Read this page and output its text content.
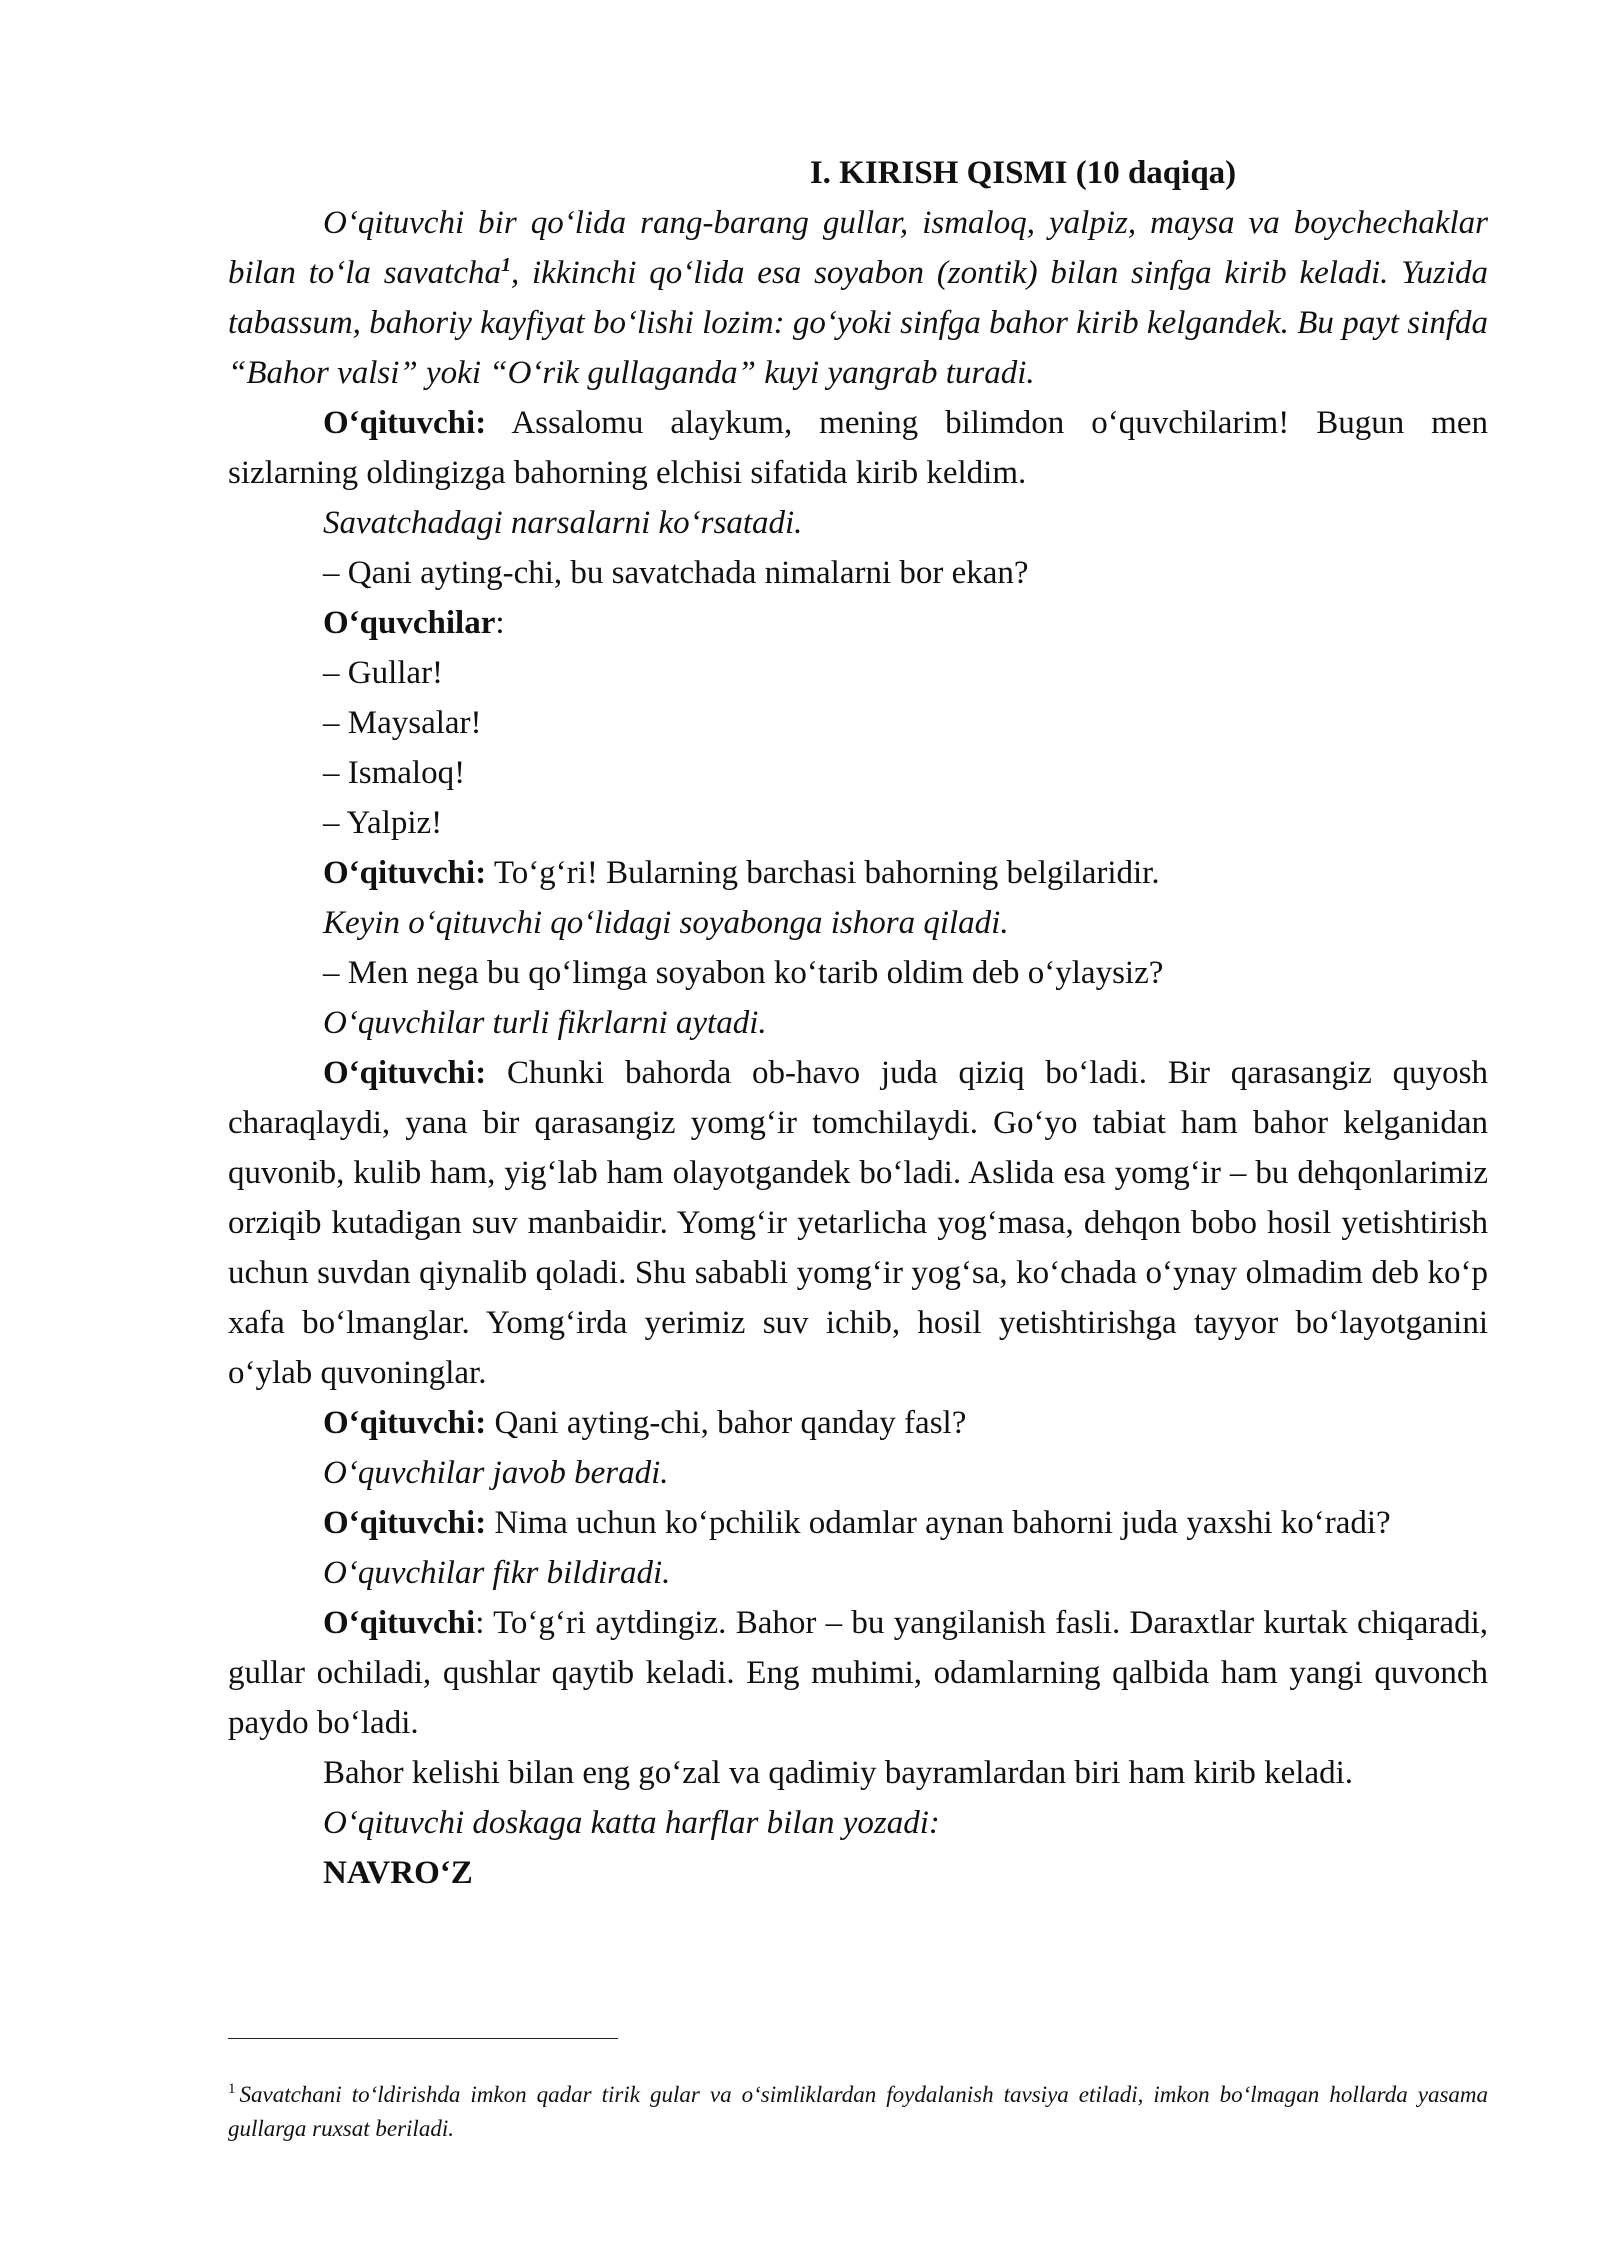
I. KIRISH QISMI (10 daqiqa)

O‘qituvchi bir qo‘lida rang-barang gullar, ismaloq, yalpiz, maysa va boychechaklar bilan to‘la savatcha$^1$, ikkinchi qo‘lida esa soyabon (zontik) bilan sinfga kirib keladi. Yuzida tabassum, bahoriy kayfiyat bo‘lishi lozim: go‘yoki sinfga bahor kirib kelgandek. Bu payt sinfda “Bahor valsi” yoki “O‘rik gullaganda” kuyi yangrab turadi.

O‘qituvchi: Assalomu alaykum, mening bilimdon o‘quvchilarim! Bugun men sizlarning oldingizga bahorning elchisi sifatida kirib keldim.

Savatchadagi narsalarni ko‘rsatadi.

– Qani ayting-chi, bu savatchada nimalarni bor ekan?

O‘quvchilar:

– Gullar!

– Maysalar!

– Ismaloq!

– Yalpiz!

O‘qituvchi: To‘g‘ri! Bularning barchasi bahorning belgilaridir.

Keyin o‘qituvchi qo‘lidagi soyabonga ishora qiladi.

– Men nega bu qo‘limga soyabon ko‘tarib oldim deb o‘ylaysiz?

O‘quvchilar turli fikrlarni aytadi.

O‘qituvchi: Chunki bahorda ob-havo juda qiziq bo‘ladi. Bir qarasangiz quyosh charaqlaydi, yana bir qarasangiz yomg‘ir tomchilaydi. Go‘yo tabiat ham bahor kelganidan quvonib, kulib ham, yig‘lab ham olayotgandek bo‘ladi. Aslida esa yomg‘ir – bu dehqonlarimiz orziqib kutadigan suv manbaidir. Yomg‘ir yetarlicha yog‘masa, dehqon bobo hosil yetishtirish uchun suvdan qiynalib qoladi. Shu sababli yomg‘ir yog‘sa, ko‘chada o‘ynay olmadim deb ko‘p xafa bo‘lmanglar. Yomg‘irda yerimiz suv ichib, hosil yetishtirishga tayyor bo‘layotganini o‘ylab quvoninglar.

O‘qituvchi: Qani ayting-chi, bahor qanday fasl?

O‘quvchilar javob beradi.

O‘qituvchi: Nima uchun ko‘pchilik odamlar aynan bahorni juda yaxshi ko‘radi?

O‘quvchilar fikr bildiradi.

O‘qituvchi: To‘g‘ri aytdingiz. Bahor – bu yangilanish fasli. Daraxtlar kurtak chiqaradi, gullar ochiladi, qushlar qaytib keladi. Eng muhimi, odamlarning qalbida ham yangi quvonch paydo bo‘ladi.

Bahor kelishi bilan eng go‘zal va qadimiy bayramlardan biri ham kirib keladi.

O‘qituvchi doskaga katta harflar bilan yozadi:

NAVRO‘Z

$^1$ Savatchani to‘ldirishda imkon qadar tirik gular va o‘simliklardan foydalanish tavsiya etiladi, imkon bo‘lmagan hollarda yasama gullarga ruxsat beriladi.
